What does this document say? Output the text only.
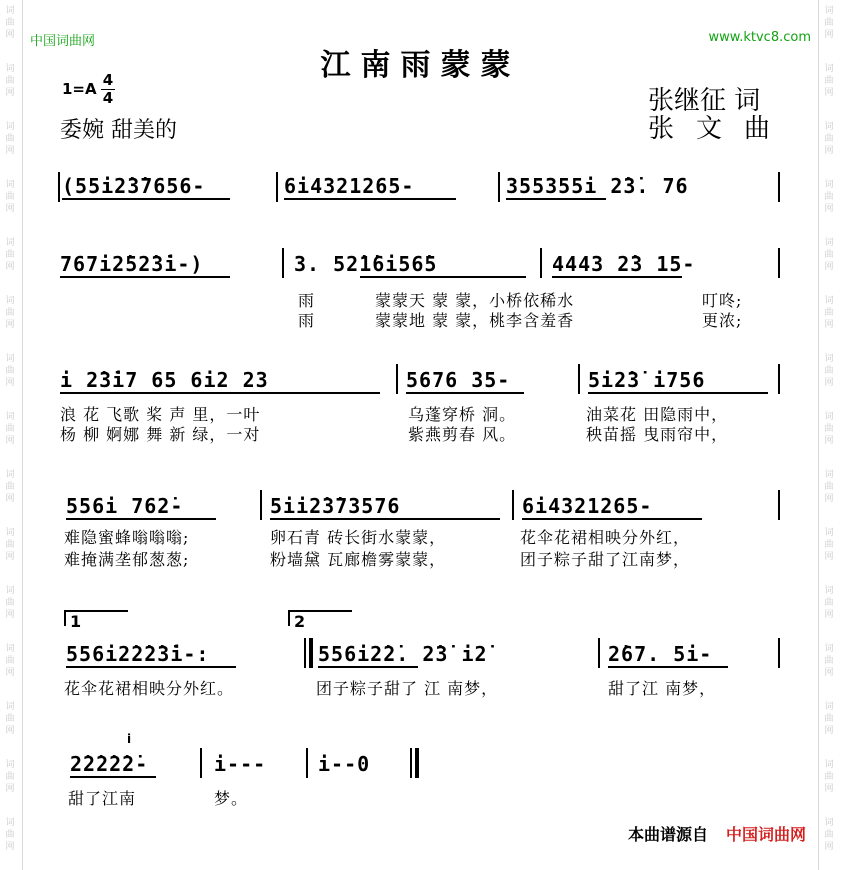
词
曲
网
词
曲
网
词
曲
网
词
曲
网
词
曲
网
词
曲
网
词
曲
网
词
曲
网
词
曲
网
词
曲
网
词
曲
网
词
曲
网
词
曲
网
词
曲
网
词
曲
网
词
曲
网
词
曲
网
词
曲
网
词
曲
网
词
曲
网
词
曲
网
词
曲
网
词
曲
网
词
曲
网
词
曲
网
词
曲
网
词
曲
网
词
曲
网
词
曲
网
词
曲
网
中国词曲网	www.ktvc8.com
江南雨蒙蒙
1=A 4
4
委婉 甜美的
张继征 词
张文曲
(55i2̇3̇7656-	6i4321265-	355355i 2̇3̇. 76
767i2̇52̇3̇i-)	3. 52̇1̇6i56̇5	4443 2̇3 15-
雨	蒙蒙天 蒙 蒙，小桥依稀水	叮咚;
雨	蒙蒙地 蒙 蒙，桃李含羞香	更浓;
i 2̇3̇i7 65 6i2 23	5676 35-	5i2̇3̇ i756
浪 花 飞歌 桨 声 里，一叶	乌蓬穿桥 洞。	油菜花 田隐雨中，
杨 柳 婀娜 舞 新 绿，一对	紫燕剪春 风。	秧苗摇 曳雨帘中，
556i 762̇-	5ii2̇3̇73576	6i4321265-
难隐蜜蜂嗡嗡嗡;	卵石青 砖长街水蒙蒙，	花伞花裙相映分外红，
难掩满垄郁葱葱;	粉墙黛 瓦廊檐雾蒙蒙，	团子粽子甜了江南梦，
1	2
556i2̇2̇2̇3̇i-:	556i2̇2̇. 2̇3̇ i2̇	2̇67. 5i-
花伞花裙相映分外红。	团子粽子甜了 江 南梦，	甜了江 南梦，
i
2̇2̇2̇2̇2̇-	i---	i--0
甜了江南	梦。
本曲谱源自 中国词曲网
